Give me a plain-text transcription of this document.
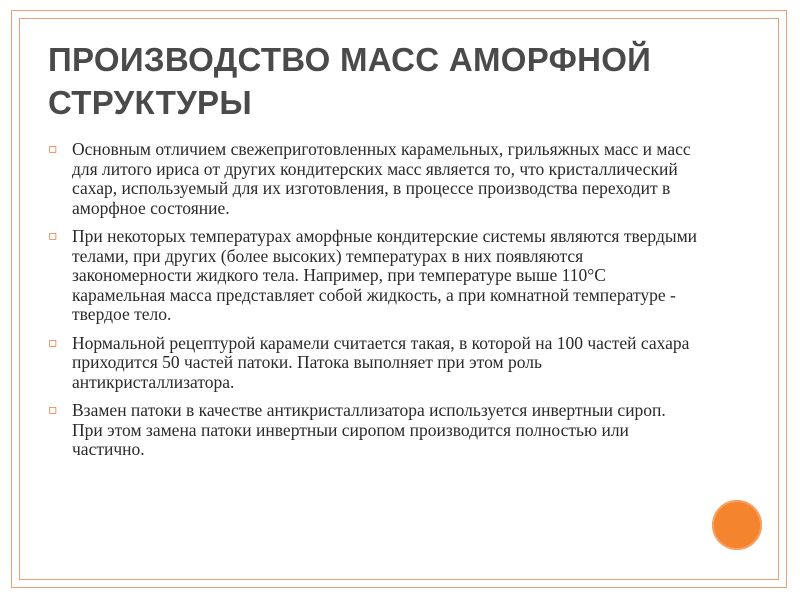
ПРОИЗВОДСТВО МАСС АМОРФНОЙ СТРУКТУРЫ
▫ Основным отличием свежеприготовленных карамельных, грильяжных масс и масс для литого ириса от других кондитерских масс является то, что кристаллический сахар, используемый для их изготовления, в процессе производства переходит в аморфное состояние.
▫ При некоторых температурах аморфные кондитерские системы являются твердыми телами, при других (более высоких) температурах в них появляются закономерности жидкого тела. Например, при температуре выше 110°С карамельная масса представляет собой жидкость, а при комнатной температуре - твердое тело.
▫ Нормальной рецептурой карамели считается такая, в которой на 100 частей сахара приходится 50 частей патоки. Патока выполняет при этом роль антикристаллизатора.
▫ Взамен патоки в качестве антикристаллизатора используется инвертныи сироп. При этом замена патоки инвертныи сиропом производится полностью или частично.
